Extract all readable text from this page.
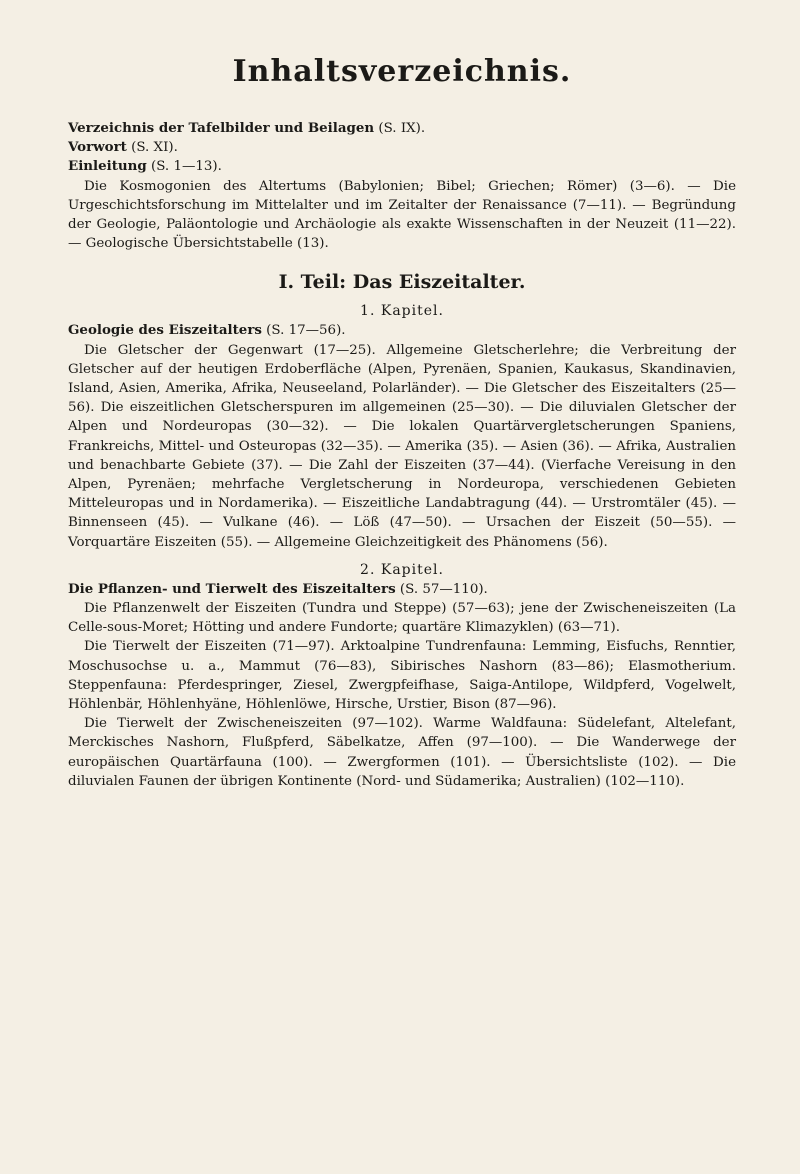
Inhaltsverzeichnis.

Verzeichnis der Tafelbilder und Beilagen (S. IX).

Vorwort (S. XI).

Einleitung (S. 1—13).

Die Kosmogonien des Altertums (Babylonien; Bibel; Griechen; Römer) (3—6). — Die Urgeschichtsforschung im Mittelalter und im Zeitalter der Renaissance (7—11). — Begründung der Geologie, Paläontologie und Archäologie als exakte Wissenschaften in der Neuzeit (11—22). — Geologische Übersichtstabelle (13).

I. Teil: Das Eiszeitalter.
1. Kapitel.

Geologie des Eiszeitalters (S. 17—56).

Die Gletscher der Gegenwart (17—25). Allgemeine Gletscherlehre; die Verbreitung der Gletscher auf der heutigen Erdoberfläche (Alpen, Pyrenäen, Spanien, Kaukasus, Skandinavien, Island, Asien, Amerika, Afrika, Neuseeland, Polarländer). — Die Gletscher des Eiszeitalters (25—56). Die eiszeitlichen Gletscherspuren im allgemeinen (25—30). — Die diluvialen Gletscher der Alpen und Nordeuropas (30—32). — Die lokalen Quartärvergletscherungen Spaniens, Frankreichs, Mittel- und Osteuropas (32—35). — Amerika (35). — Asien (36). — Afrika, Australien und benachbarte Gebiete (37). — Die Zahl der Eiszeiten (37—44). (Vierfache Vereisung in den Alpen, Pyrenäen; mehrfache Vergletscherung in Nordeuropa, verschiedenen Gebieten Mitteleuropas und in Nordamerika). — Eiszeitliche Landabtragung (44). — Urstromtäler (45). — Binnenseen (45). — Vulkane (46). — Löß (47—50). — Ursachen der Eiszeit (50—55). — Vorquartäre Eiszeiten (55). — Allgemeine Gleichzeitigkeit des Phänomens (56).

2. Kapitel.

Die Pflanzen- und Tierwelt des Eiszeitalters (S. 57—110).

Die Pflanzenwelt der Eiszeiten (Tundra und Steppe) (57—63); jene der Zwischeneiszeiten (La Celle-sous-Moret; Hötting und andere Fundorte; quartäre Klimazyklen) (63—71).

Die Tierwelt der Eiszeiten (71—97). Arktoalpine Tundrenfauna: Lemming, Eisfuchs, Renntier, Moschusochse u. a., Mammut (76—83), Sibirisches Nashorn (83—86); Elasmotherium. Steppenfauna: Pferdespringer, Ziesel, Zwergpfeifhase, Saiga-Antilope, Wildpferd, Vogelwelt, Höhlenbär, Höhlenhyäne, Höhlenlöwe, Hirsche, Urstier, Bison (87—96).

Die Tierwelt der Zwischeneiszeiten (97—102). Warme Waldfauna: Südelefant, Altelefant, Merckisches Nashorn, Flußpferd, Säbelkatze, Affen (97—100). — Die Wanderwege der europäischen Quartärfauna (100). — Zwergformen (101). — Übersichtsliste (102). — Die diluvialen Faunen der übrigen Kontinente (Nord- und Südamerika; Australien) (102—110).
